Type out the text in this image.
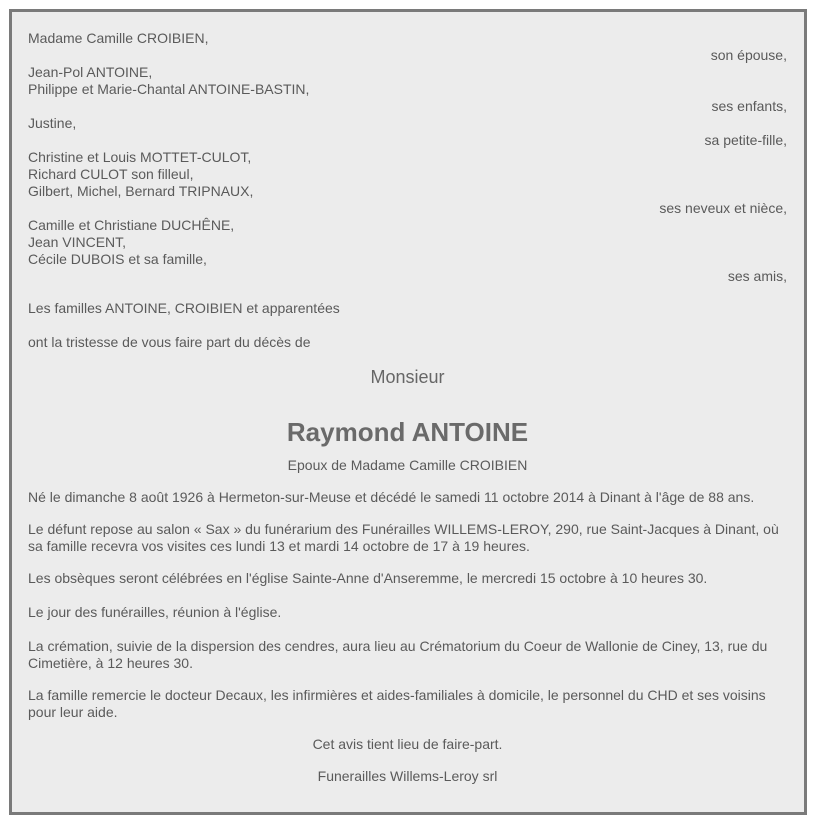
Madame Camille CROIBIEN,
son épouse,
Jean-Pol ANTOINE,
Philippe et Marie-Chantal ANTOINE-BASTIN,
ses enfants,
Justine,
sa petite-fille,
Christine et Louis MOTTET-CULOT,
Richard CULOT son filleul,
Gilbert, Michel, Bernard TRIPNAUX,
ses neveux et nièce,
Camille et Christiane DUCHÊNE,
Jean VINCENT,
Cécile DUBOIS et sa famille,
ses amis,
Les familles ANTOINE, CROIBIEN et apparentées
ont la tristesse de vous faire part du décès de
Monsieur
Raymond ANTOINE
Epoux de Madame Camille CROIBIEN
Né le dimanche 8 août 1926 à Hermeton-sur-Meuse et décédé le samedi 11 octobre 2014 à Dinant à l'âge de 88 ans.
Le défunt repose au salon « Sax » du funérarium des Funérailles WILLEMS-LEROY, 290, rue Saint-Jacques à Dinant, où sa famille recevra vos visites ces lundi 13 et mardi 14 octobre de 17 à 19 heures.
Les obsèques seront célébrées en l'église Sainte-Anne d'Anseremme, le mercredi 15 octobre à 10 heures 30.
Le jour des funérailles, réunion à l'église.
La crémation, suivie de la dispersion des cendres, aura lieu au Crématorium du Coeur de Wallonie de Ciney, 13, rue du Cimetière, à 12 heures 30.
La famille remercie le docteur Decaux, les infirmières et aides-familiales à domicile, le personnel du CHD et ses voisins pour leur aide.
Cet avis tient lieu de faire-part.
Funerailles Willems-Leroy srl
